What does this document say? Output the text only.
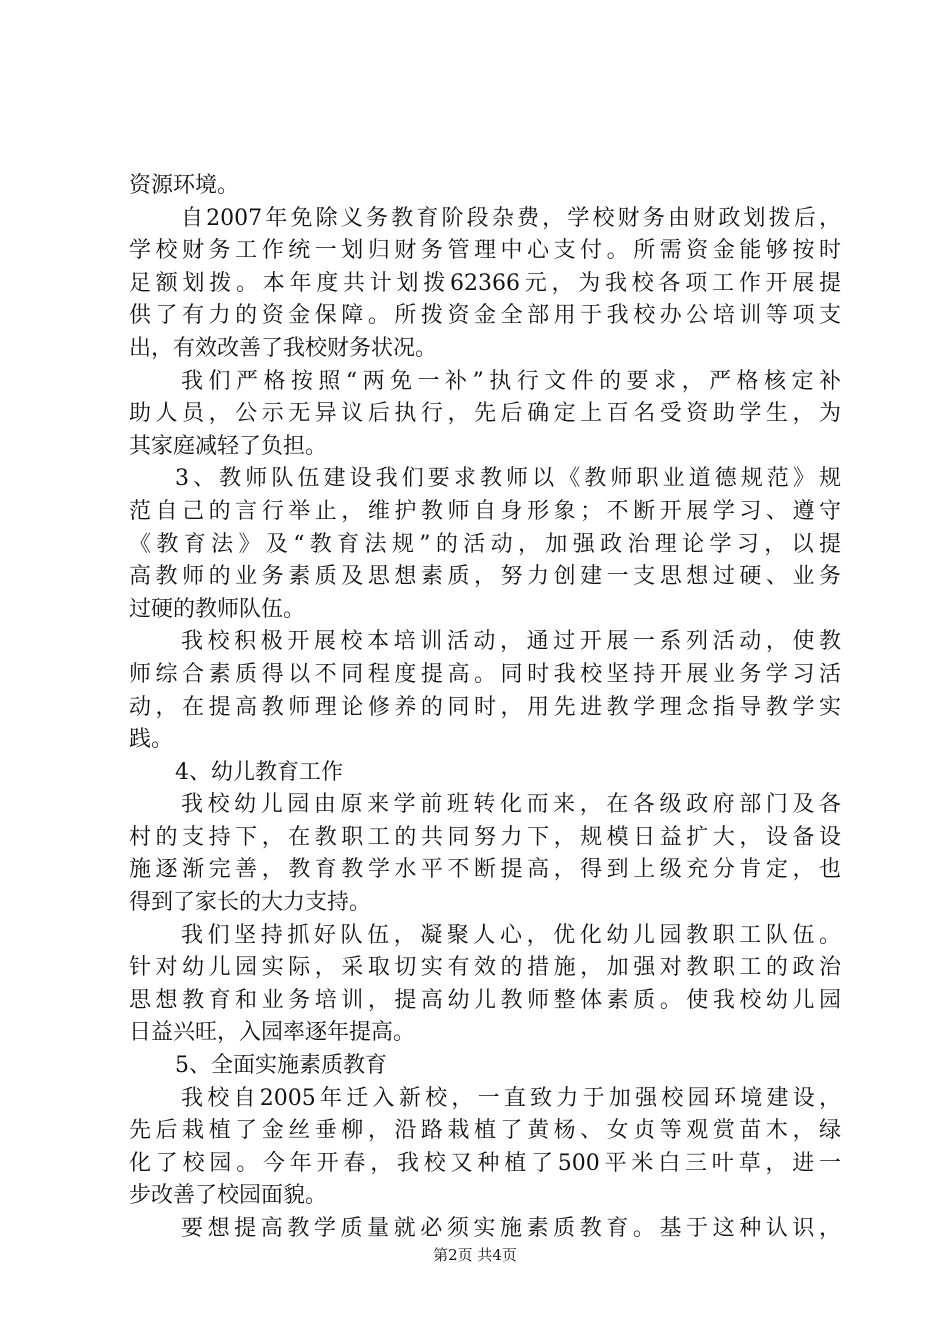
资源环境。
自2007年免除义务教育阶段杂费，学校财务由财政划拨后，
学校财务工作统一划归财务管理中心支付。所需资金能够按时
足额划拨。本年度共计划拨62366元，为我校各项工作开展提
供了有力的资金保障。所拨资金全部用于我校办公培训等项支
出，有效改善了我校财务状况。
我们严格按照“两免一补”执行文件的要求，严格核定补
助人员，公示无异议后执行，先后确定上百名受资助学生，为
其家庭减轻了负担。
3、教师队伍建设我们要求教师以《教师职业道德规范》规
范自己的言行举止，维护教师自身形象；不断开展学习、遵守
《教育法》及“教育法规”的活动，加强政治理论学习，以提
高教师的业务素质及思想素质，努力创建一支思想过硬、业务
过硬的教师队伍。
我校积极开展校本培训活动，通过开展一系列活动，使教
师综合素质得以不同程度提高。同时我校坚持开展业务学习活
动，在提高教师理论修养的同时，用先进教学理念指导教学实
践。
4、幼儿教育工作
我校幼儿园由原来学前班转化而来，在各级政府部门及各
村的支持下，在教职工的共同努力下，规模日益扩大，设备设
施逐渐完善，教育教学水平不断提高，得到上级充分肯定，也
得到了家长的大力支持。
我们坚持抓好队伍，凝聚人心，优化幼儿园教职工队伍。
针对幼儿园实际，采取切实有效的措施，加强对教职工的政治
思想教育和业务培训，提高幼儿教师整体素质。使我校幼儿园
日益兴旺，入园率逐年提高。
5、全面实施素质教育
我校自2005年迁入新校，一直致力于加强校园环境建设，
先后栽植了金丝垂柳，沿路栽植了黄杨、女贞等观赏苗木，绿
化了校园。今年开春，我校又种植了500平米白三叶草，进一
步改善了校园面貌。
要想提高教学质量就必须实施素质教育。基于这种认识，
第2页 共4页
